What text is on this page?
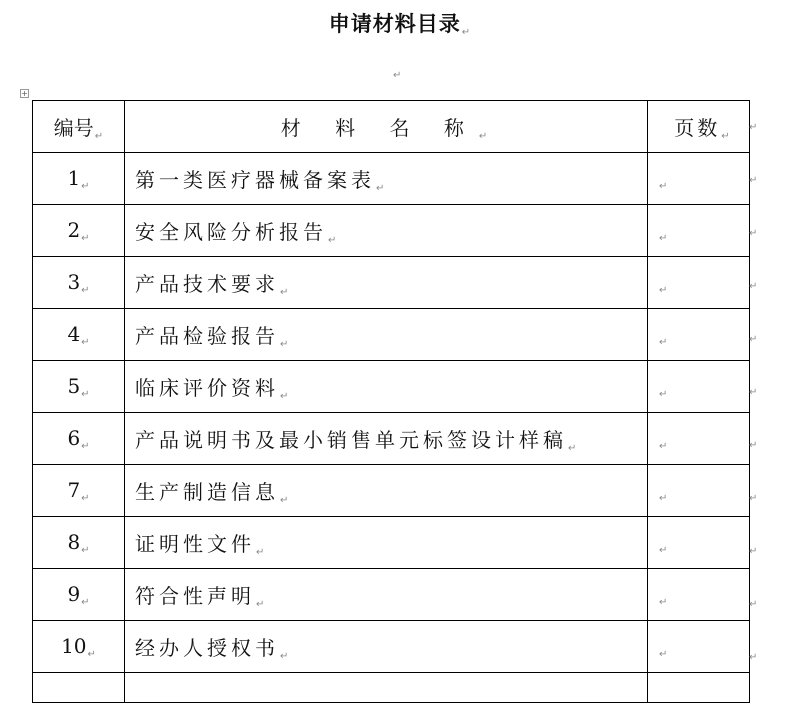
申请材料目录↵
↵
+
编号$_↵$	材 料 名 称$_↵$	页数$_↵$
$1_↵$	第一类医疗器械备案表$_↵$	$_↵$
$2_↵$	安全风险分析报告$_↵$	$_↵$
$3_↵$	产品技术要求$_↵$	$_↵$
$4_↵$	产品检验报告$_↵$	$_↵$
$5_↵$	临床评价资料$_↵$	$_↵$
$6_↵$	产品说明书及最小销售单元标签设计样稿$_↵$	$_↵$
$7_↵$	生产制造信息$_↵$	$_↵$
$8_↵$	证明性文件$_↵$	$_↵$
$9_↵$	符合性声明$_↵$	$_↵$
$10_↵$	经办人授权书$_↵$	$_↵$

↵
↵
↵
↵
↵
↵
↵
↵
↵
↵
↵
